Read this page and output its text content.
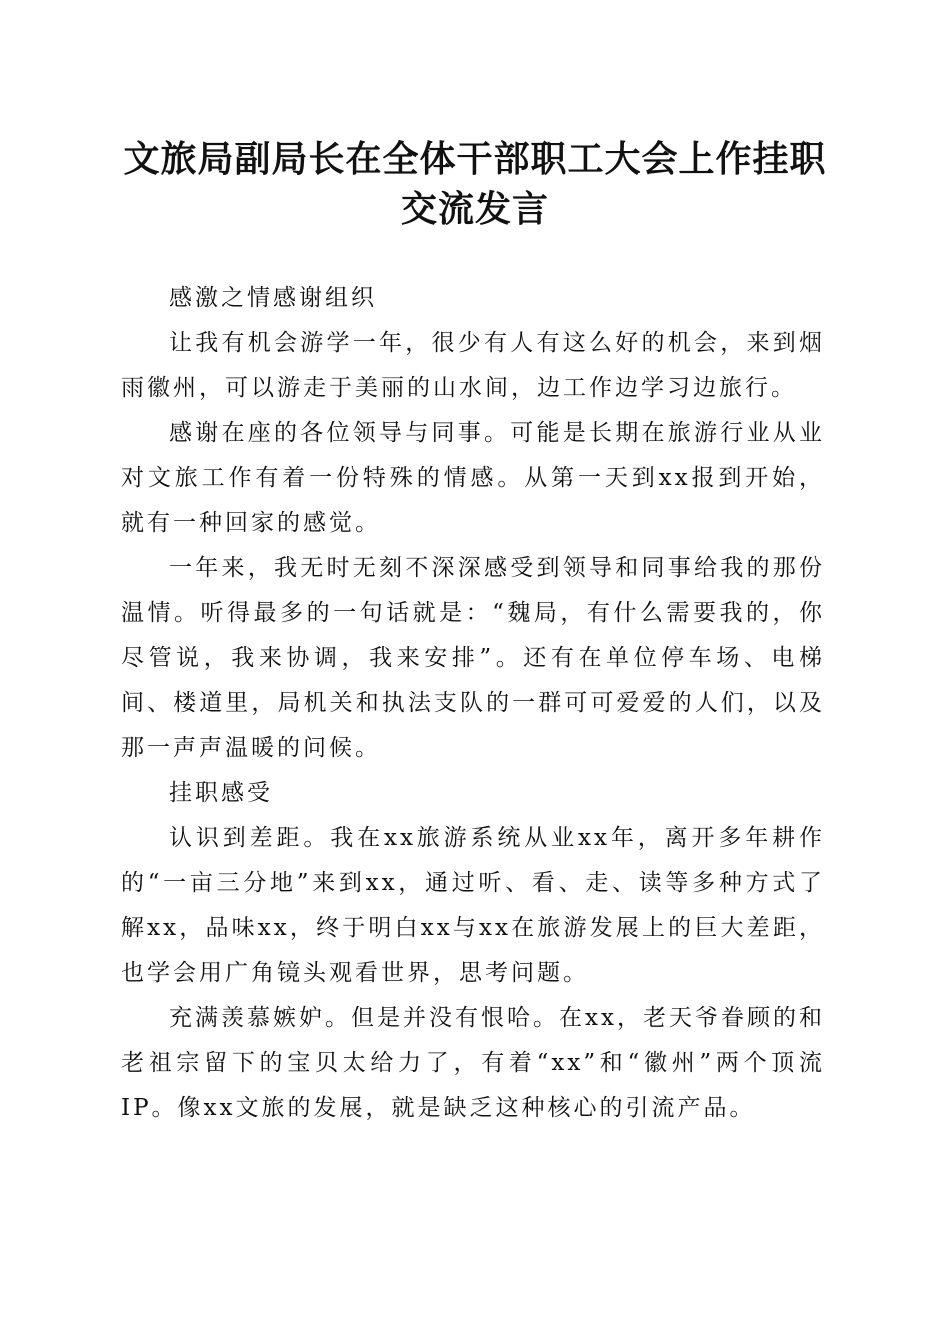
文旅局副局长在全体干部职工大会上作挂职交流发言

感激之情感谢组织

让我有机会游学一年，很少有人有这么好的机会，来到烟雨徽州，可以游走于美丽的山水间，边工作边学习边旅行。

感谢在座的各位领导与同事。可能是长期在旅游行业从业对文旅工作有着一份特殊的情感。从第一天到xx报到开始，就有一种回家的感觉。

一年来，我无时无刻不深深感受到领导和同事给我的那份温情。听得最多的一句话就是：“魏局，有什么需要我的，你尽管说，我来协调，我来安排”。还有在单位停车场、电梯间、楼道里，局机关和执法支队的一群可可爱爱的人们，以及那一声声温暖的问候。

挂职感受

认识到差距。我在xx旅游系统从业xx年，离开多年耕作的“一亩三分地”来到xx，通过听、看、走、读等多种方式了解xx，品味xx，终于明白xx与xx在旅游发展上的巨大差距，也学会用广角镜头观看世界，思考问题。

充满羡慕嫉妒。但是并没有恨哈。在xx，老天爷眷顾的和老祖宗留下的宝贝太给力了，有着“xx”和“徽州”两个顶流IP。像xx文旅的发展，就是缺乏这种核心的引流产品。
